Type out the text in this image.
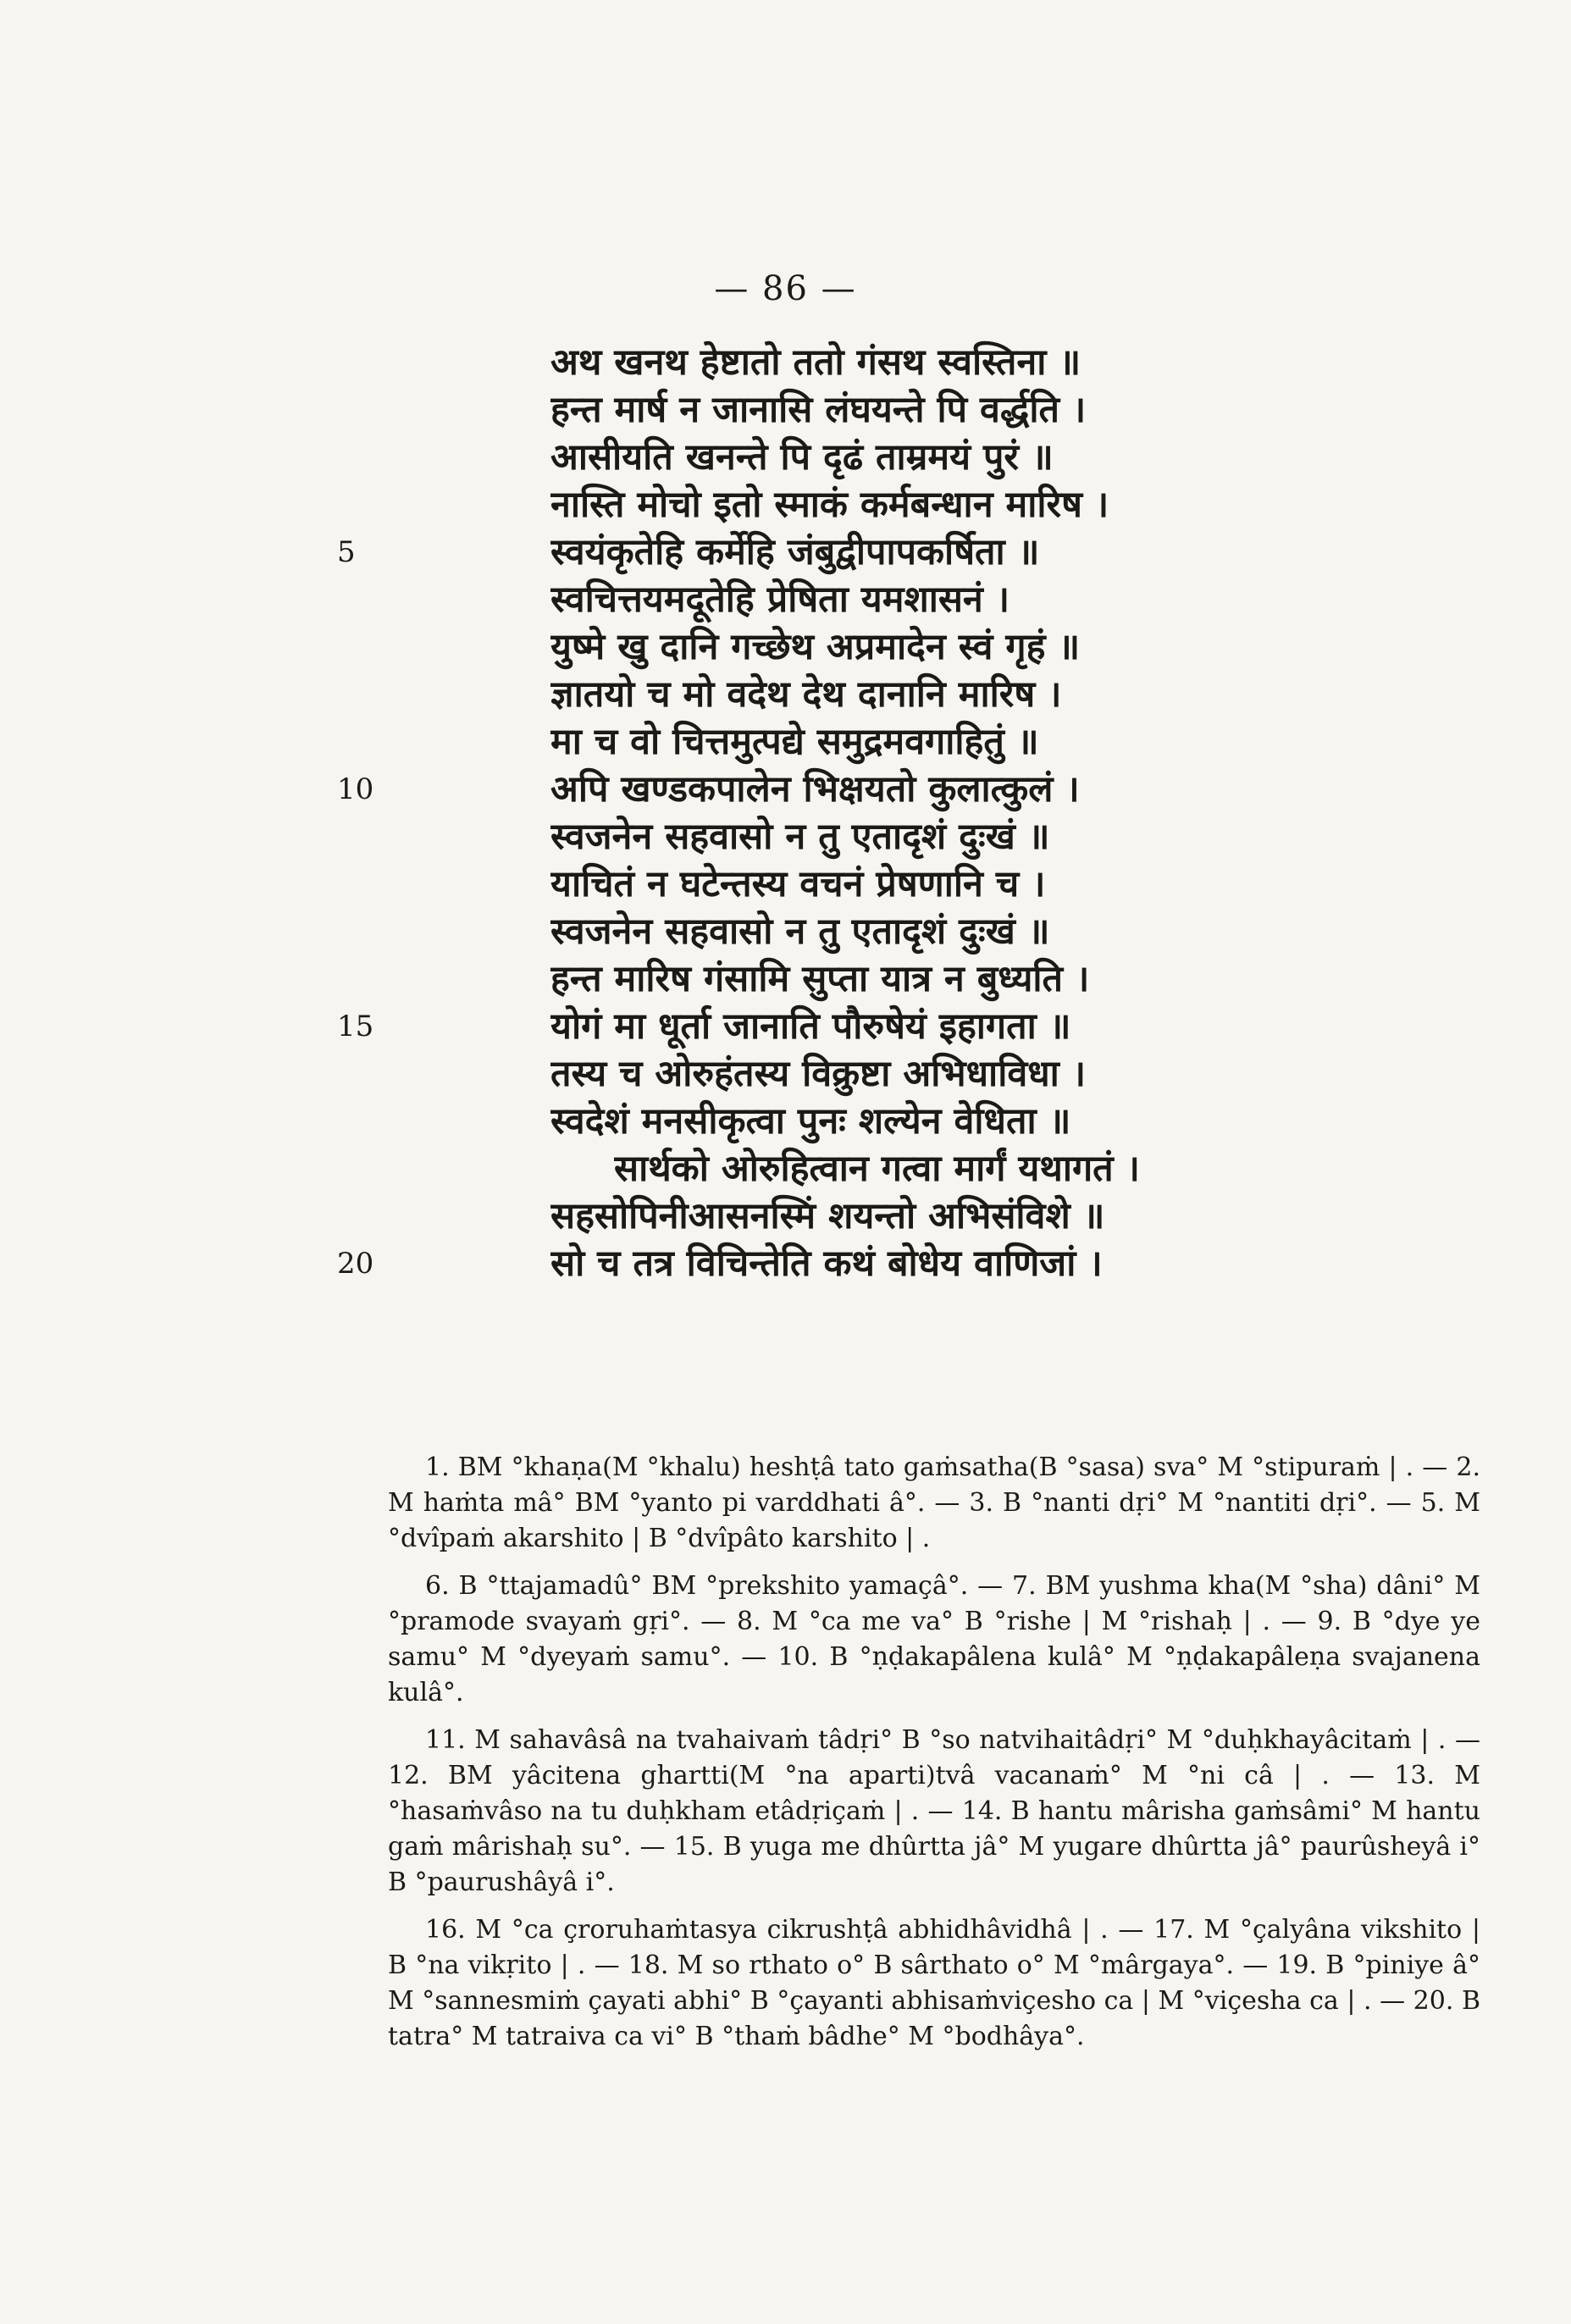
— 86 —
अथ खनथ हेष्टातो ततो गंसथ स्वस्तिना ॥
हन्त मार्ष न जानासि लंघयन्ते पि वर्द्धति ।
आसीयति खनन्ते पि दृढं ताम्रमयं पुरं ॥
नास्ति मोचो इतो स्माकं कर्मबन्धान मारिष ।
स्वयंकृतेहि कर्मेहि जंबुद्वीपापकर्षिता ॥
स्वचित्तयमदूतेहि प्रेषिता यमशासनं ।
युष्मे खु दानि गच्छेथ अप्रमादेन स्वं गृहं ॥
ज्ञातयो च मो वदेथ देथ दानानि मारिष ।
मा च वो चित्तमुत्पद्ये समुद्रमवगाहितुं ॥
अपि खण्डकपालेन भिक्षयतो कुलात्कुलं ।
स्वजनेन सहवासो न तु एतादृशं दुःखं ॥
याचितं न घटेन्तस्य वचनं प्रेषणानि च ।
स्वजनेन सहवासो न तु एतादृशं दुःखं ॥
हन्त मारिष गंसामि सुप्ता यात्र न बुध्यति ।
योगं मा धूर्ता जानाति पौरुषेयं इहागता ॥
तस्य च ओरुहंतस्य विक्रुष्टा अभिधाविधा ।
स्वदेशं मनसीकृत्वा पुनः शल्येन वेधिता ॥
सार्थको ओरुहित्वान गत्वा मार्गं यथागतं ।
सहसोपिनीआसनस्मिं शयन्तो अभिसंविशे ॥
सो च तत्र विचिन्तेति कथं बोधेय वाणिजां ।
5
10
15
20

1. BM °khaṇa(M °khalu) heshṭâ tato gaṁsatha(B °sasa) sva° M °stipuraṁ | . — 2. M haṁta mâ° BM °yanto pi varddhati â°. — 3. B °nanti dṛi° M °nantiti dṛi°. — 5. M °dvîpaṁ akarshito | B °dvîpâto karshito | .

6. B °ttajamadû° BM °prekshito yamaçâ°. — 7. BM yushma kha(M °sha) dâni° M °pramode svayaṁ gṛi°. — 8. M °ca me va° B °rishe | M °rishaḥ | . — 9. B °dye ye samu° M °dyeyaṁ samu°. — 10. B °ṇḍakapâlena kulâ° M °ṇḍakapâleṇa svajanena kulâ°.

11. M sahavâsâ na tvahaivaṁ tâdṛi° B °so natvihaitâdṛi° M °duḥkhayâcitaṁ | . — 12. BM yâcitena ghartti(M °na aparti)tvâ vacanaṁ° M °ni câ | . — 13. M °hasaṁvâso na tu duḥkham etâdṛiçaṁ | . — 14. B hantu mârisha gaṁsâmi° M hantu gaṁ mârishaḥ su°. — 15. B yuga me dhûrtta jâ° M yugare dhûrtta jâ° paurûsheyâ i° B °paurushâyâ i°.

16. M °ca çroruhaṁtasya cikrushṭâ abhidhâvidhâ | . — 17. M °çalyâna vikshito | B °na vikṛito | . — 18. M so rthato o° B sârthato o° M °mârgaya°. — 19. B °piniye â° M °sannesmiṁ çayati abhi° B °çayanti abhisaṁviçesho ca | M °viçesha ca | . — 20. B tatra° M tatraiva ca vi° B °thaṁ bâdhe° M °bodhâya°.
